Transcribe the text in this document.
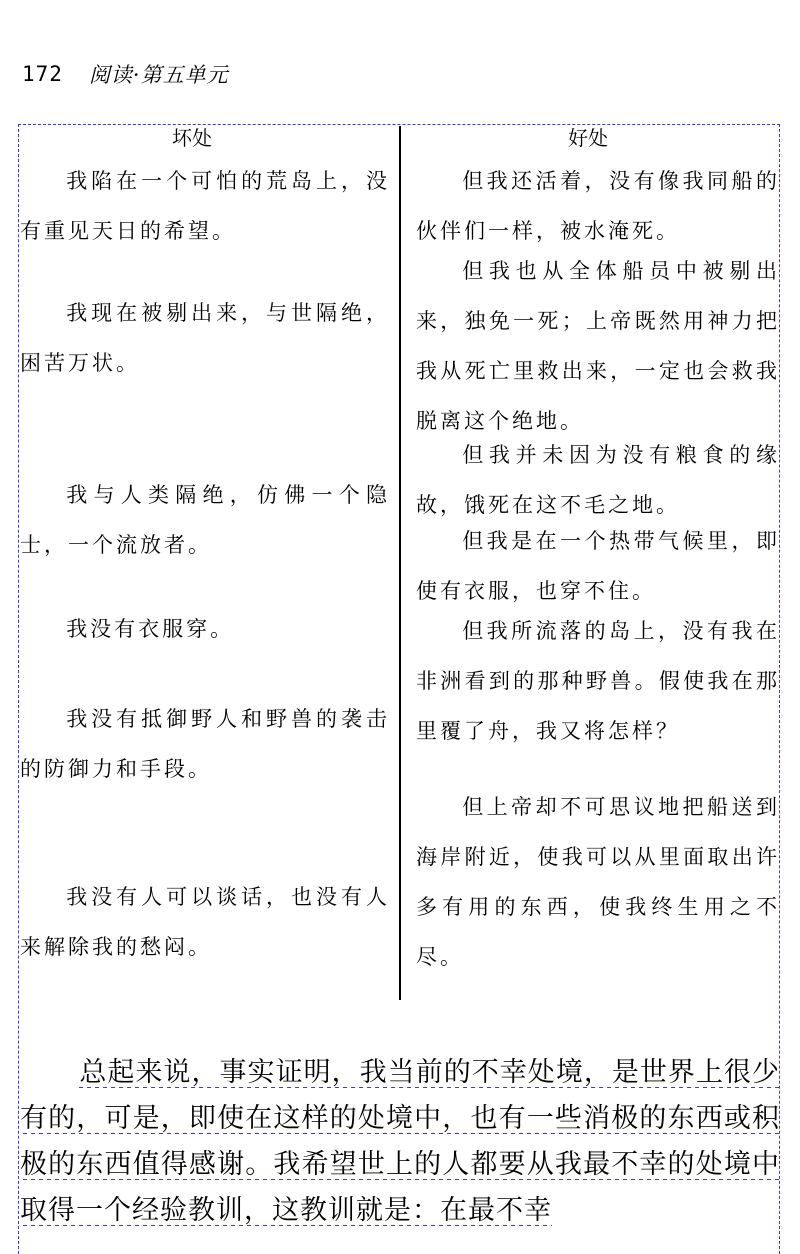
172 阅读·第五单元
坏处	好处
我陷在一个可怕的荒岛上，没有重见天日的希望。
我现在被剔出来，与世隔绝，困苦万状。
我与人类隔绝，仿佛一个隐士，一个流放者。
我没有衣服穿。
我没有抵御野人和野兽的袭击的防御力和手段。
我没有人可以谈话，也没有人来解除我的愁闷。
但我还活着，没有像我同船的伙伴们一样，被水淹死。
但我也从全体船员中被剔出来，独免一死；上帝既然用神力把我从死亡里救出来，一定也会救我脱离这个绝地。
但我并未因为没有粮食的缘故，饿死在这不毛之地。
但我是在一个热带气候里，即使有衣服，也穿不住。
但我所流落的岛上，没有我在非洲看到的那种野兽。假使我在那里覆了舟，我又将怎样？
但上帝却不可思议地把船送到海岸附近，使我可以从里面取出许多有用的东西，使我终生用之不尽。
总起来说，事实证明，我当前的不幸处境，是世界上很少有的，可是，即使在这样的处境中，也有一些消极的东西或积极的东西值得感谢。我希望世上的人都要从我最不幸的处境中取得一个经验教训，这教训就是：在最不幸
